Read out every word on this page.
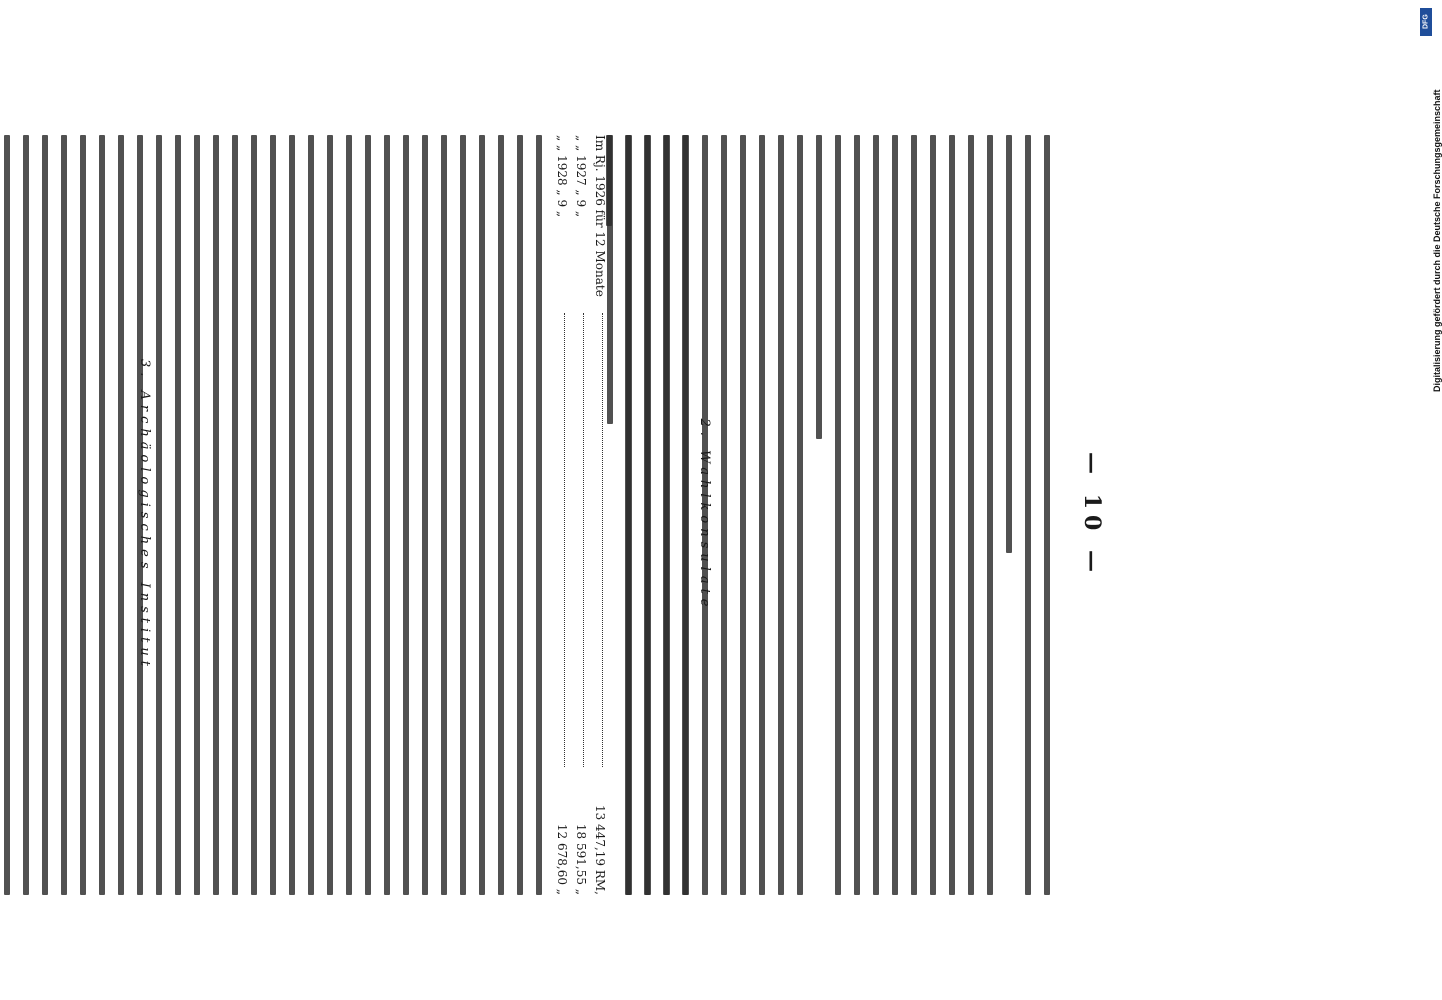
DFG
Digitalisierung gefördert durch die Deutsche Forschungsgemeinschaft
— 10 —
2. Wahlkonsulate
Im Rj. 1926 für 12 Monate
13 447,19 RM,
„ „ 1927 „ 9 „
18 591,55 „
„ „ 1928 „ 9 „
12 678,60 „
3. Archäologisches Institut
